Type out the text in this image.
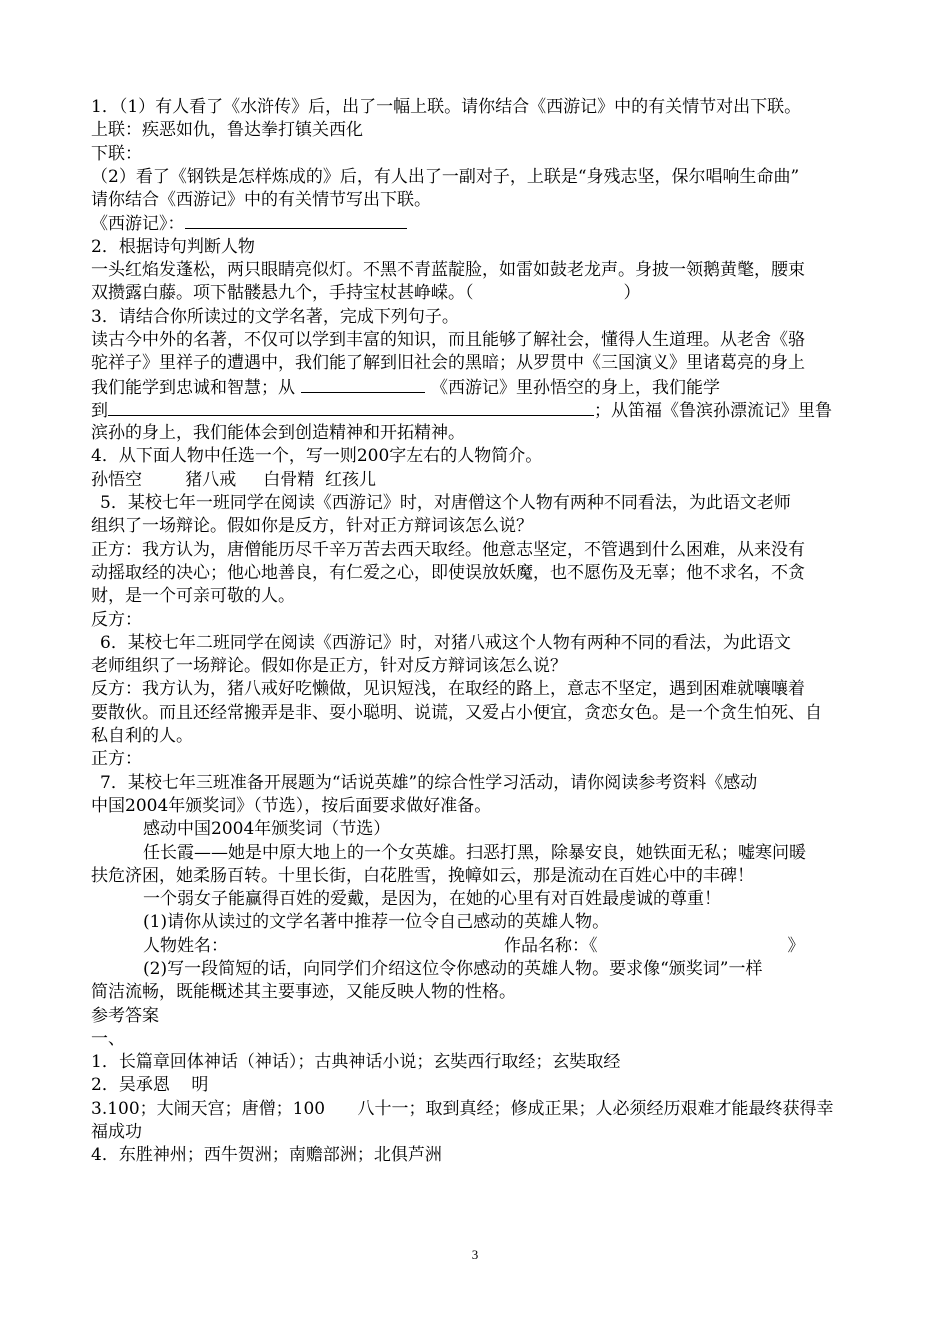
1．（1）有人看了《水浒传》后，出了一幅上联。请你结合《西游记》中的有关情节对出下联。
上联：疾恶如仇，鲁达拳打镇关西化
下联：
（2）看了《钢铁是怎样炼成的》后，有人出了一副对子，上联是“身残志坚，保尔唱响生命曲”
请你结合《西游记》中的有关情节写出下联。
《西游记》：
2．根据诗句判断人物
一头红焰发蓬松，两只眼睛亮似灯。不黑不青蓝靛脸，如雷如鼓老龙声。身披一领鹅黄氅，腰束
双攒露白藤。项下骷髅悬九个，手持宝杖甚峥嵘。（	）
3．请结合你所读过的文学名著，完成下列句子。
读古今中外的名著，不仅可以学到丰富的知识，而且能够了解社会，懂得人生道理。从老舍《骆
驼祥子》里祥子的遭遇中，我们能了解到旧社会的黑暗；从罗贯中《三国演义》里诸葛亮的身上
我们能学到忠诚和智慧；从	《西游记》里孙悟空的身上，我们能学
到	；从笛福《鲁滨孙漂流记》里鲁
滨孙的身上，我们能体会到创造精神和开拓精神。
4．从下面人物中任选一个，写一则200字左右的人物简介。
孙悟空        猪八戒     白骨精  红孩儿
5．某校七年一班同学在阅读《西游记》时，对唐僧这个人物有两种不同看法，为此语文老师
组织了一场辩论。假如你是反方，针对正方辩词该怎么说？
正方：我方认为，唐僧能历尽千辛万苦去西天取经。他意志坚定，不管遇到什么困难，从来没有
动摇取经的决心；他心地善良，有仁爱之心，即使误放妖魔，也不愿伤及无辜；他不求名，不贪
财，是一个可亲可敬的人。
反方：
6．某校七年二班同学在阅读《西游记》时，对猪八戒这个人物有两种不同的看法，为此语文
老师组织了一场辩论。假如你是正方，针对反方辩词该怎么说？
反方：我方认为，猪八戒好吃懒做，见识短浅，在取经的路上，意志不坚定，遇到困难就嚷嚷着
要散伙。而且还经常搬弄是非、耍小聪明、说谎，又爱占小便宜，贪恋女色。是一个贪生怕死、自
私自利的人。
正方：
7．某校七年三班准备开展题为“话说英雄”的综合性学习活动，请你阅读参考资料《感动
中国2004年颁奖词》（节选），按后面要求做好准备。
感动中国2004年颁奖词（节选）
任长霞——她是中原大地上的一个女英雄。扫恶打黑，除暴安良，她铁面无私；嘘寒问暖
扶危济困，她柔肠百转。十里长街，白花胜雪，挽幛如云，那是流动在百姓心中的丰碑！
一个弱女子能赢得百姓的爱戴，是因为，在她的心里有对百姓最虔诚的尊重！
(1)请你从读过的文学名著中推荐一位令自己感动的英雄人物。
人物姓名：	作品名称：《	》
(2)写一段简短的话，向同学们介绍这位令你感动的英雄人物。要求像“颁奖词”一样
简洁流畅，既能概述其主要事迹，又能反映人物的性格。
参考答案
一、
1．长篇章回体神话（神话）；古典神话小说；玄奘西行取经；玄奘取经
2．吴承恩    明
3.100；大闹天宫；唐僧；100      八十一；取到真经；修成正果；人必须经历艰难才能最终获得幸
福成功
4．东胜神州；西牛贺洲；南赡部洲；北俱芦洲
3
